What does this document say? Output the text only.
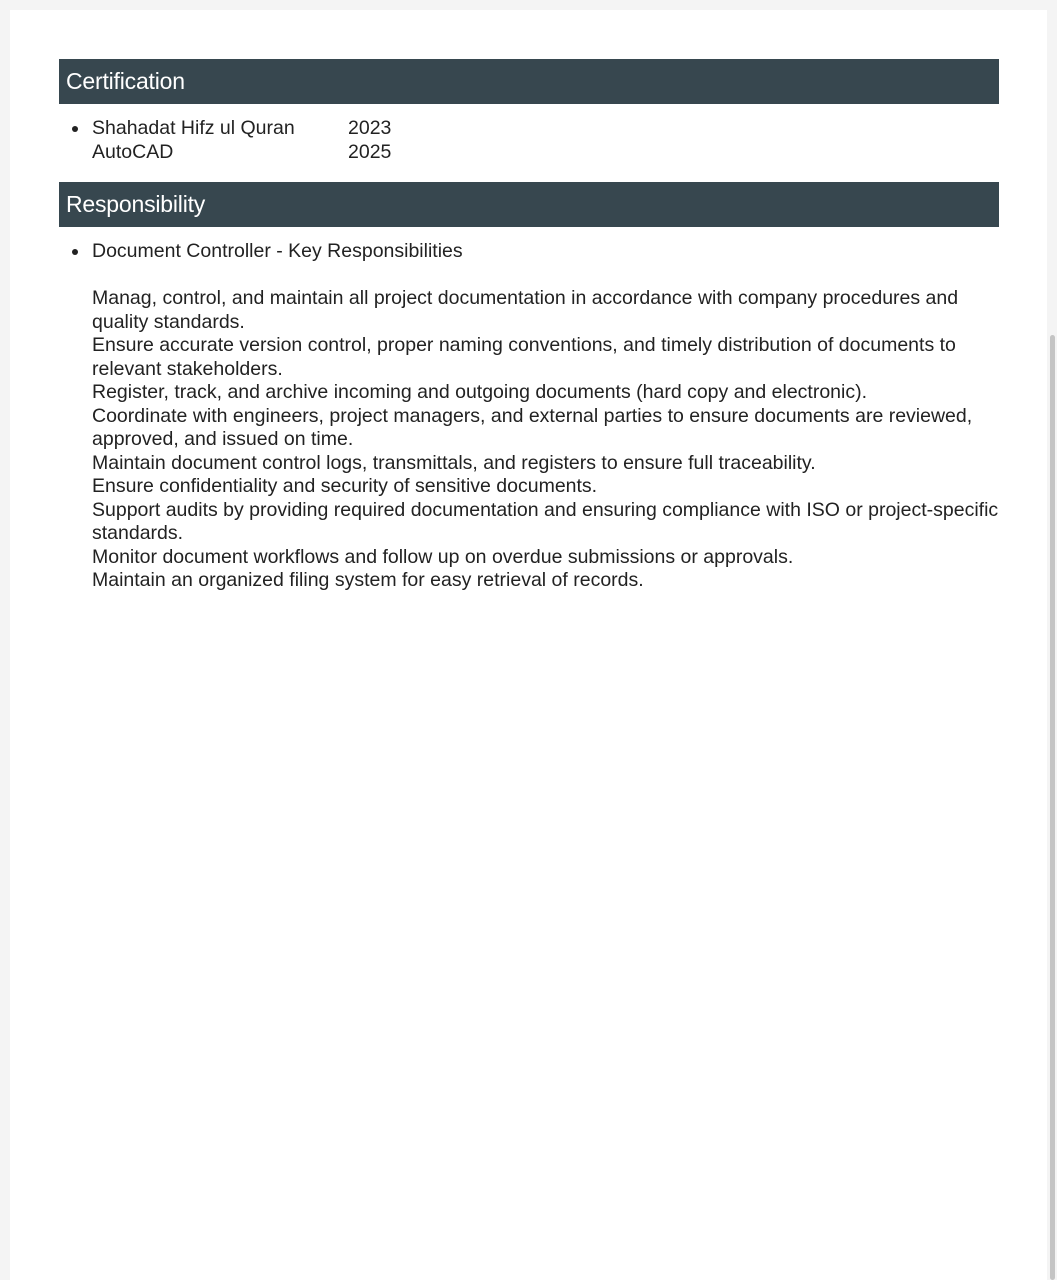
Certification
Shahadat Hifz ul Quran	2023
AutoCAD	2025
Responsibility
Document Controller - Key Responsibilities
Manag, control, and maintain all project documentation in accordance with company procedures and quality standards.
Ensure accurate version control, proper naming conventions, and timely distribution of documents to relevant stakeholders.
Register, track, and archive incoming and outgoing documents (hard copy and electronic).
Coordinate with engineers, project managers, and external parties to ensure documents are reviewed, approved, and issued on time.
Maintain document control logs, transmittals, and registers to ensure full traceability.
Ensure confidentiality and security of sensitive documents.
Support audits by providing required documentation and ensuring compliance with ISO or project-specific standards.
Monitor document workflows and follow up on overdue submissions or approvals.
Maintain an organized filing system for easy retrieval of records.
